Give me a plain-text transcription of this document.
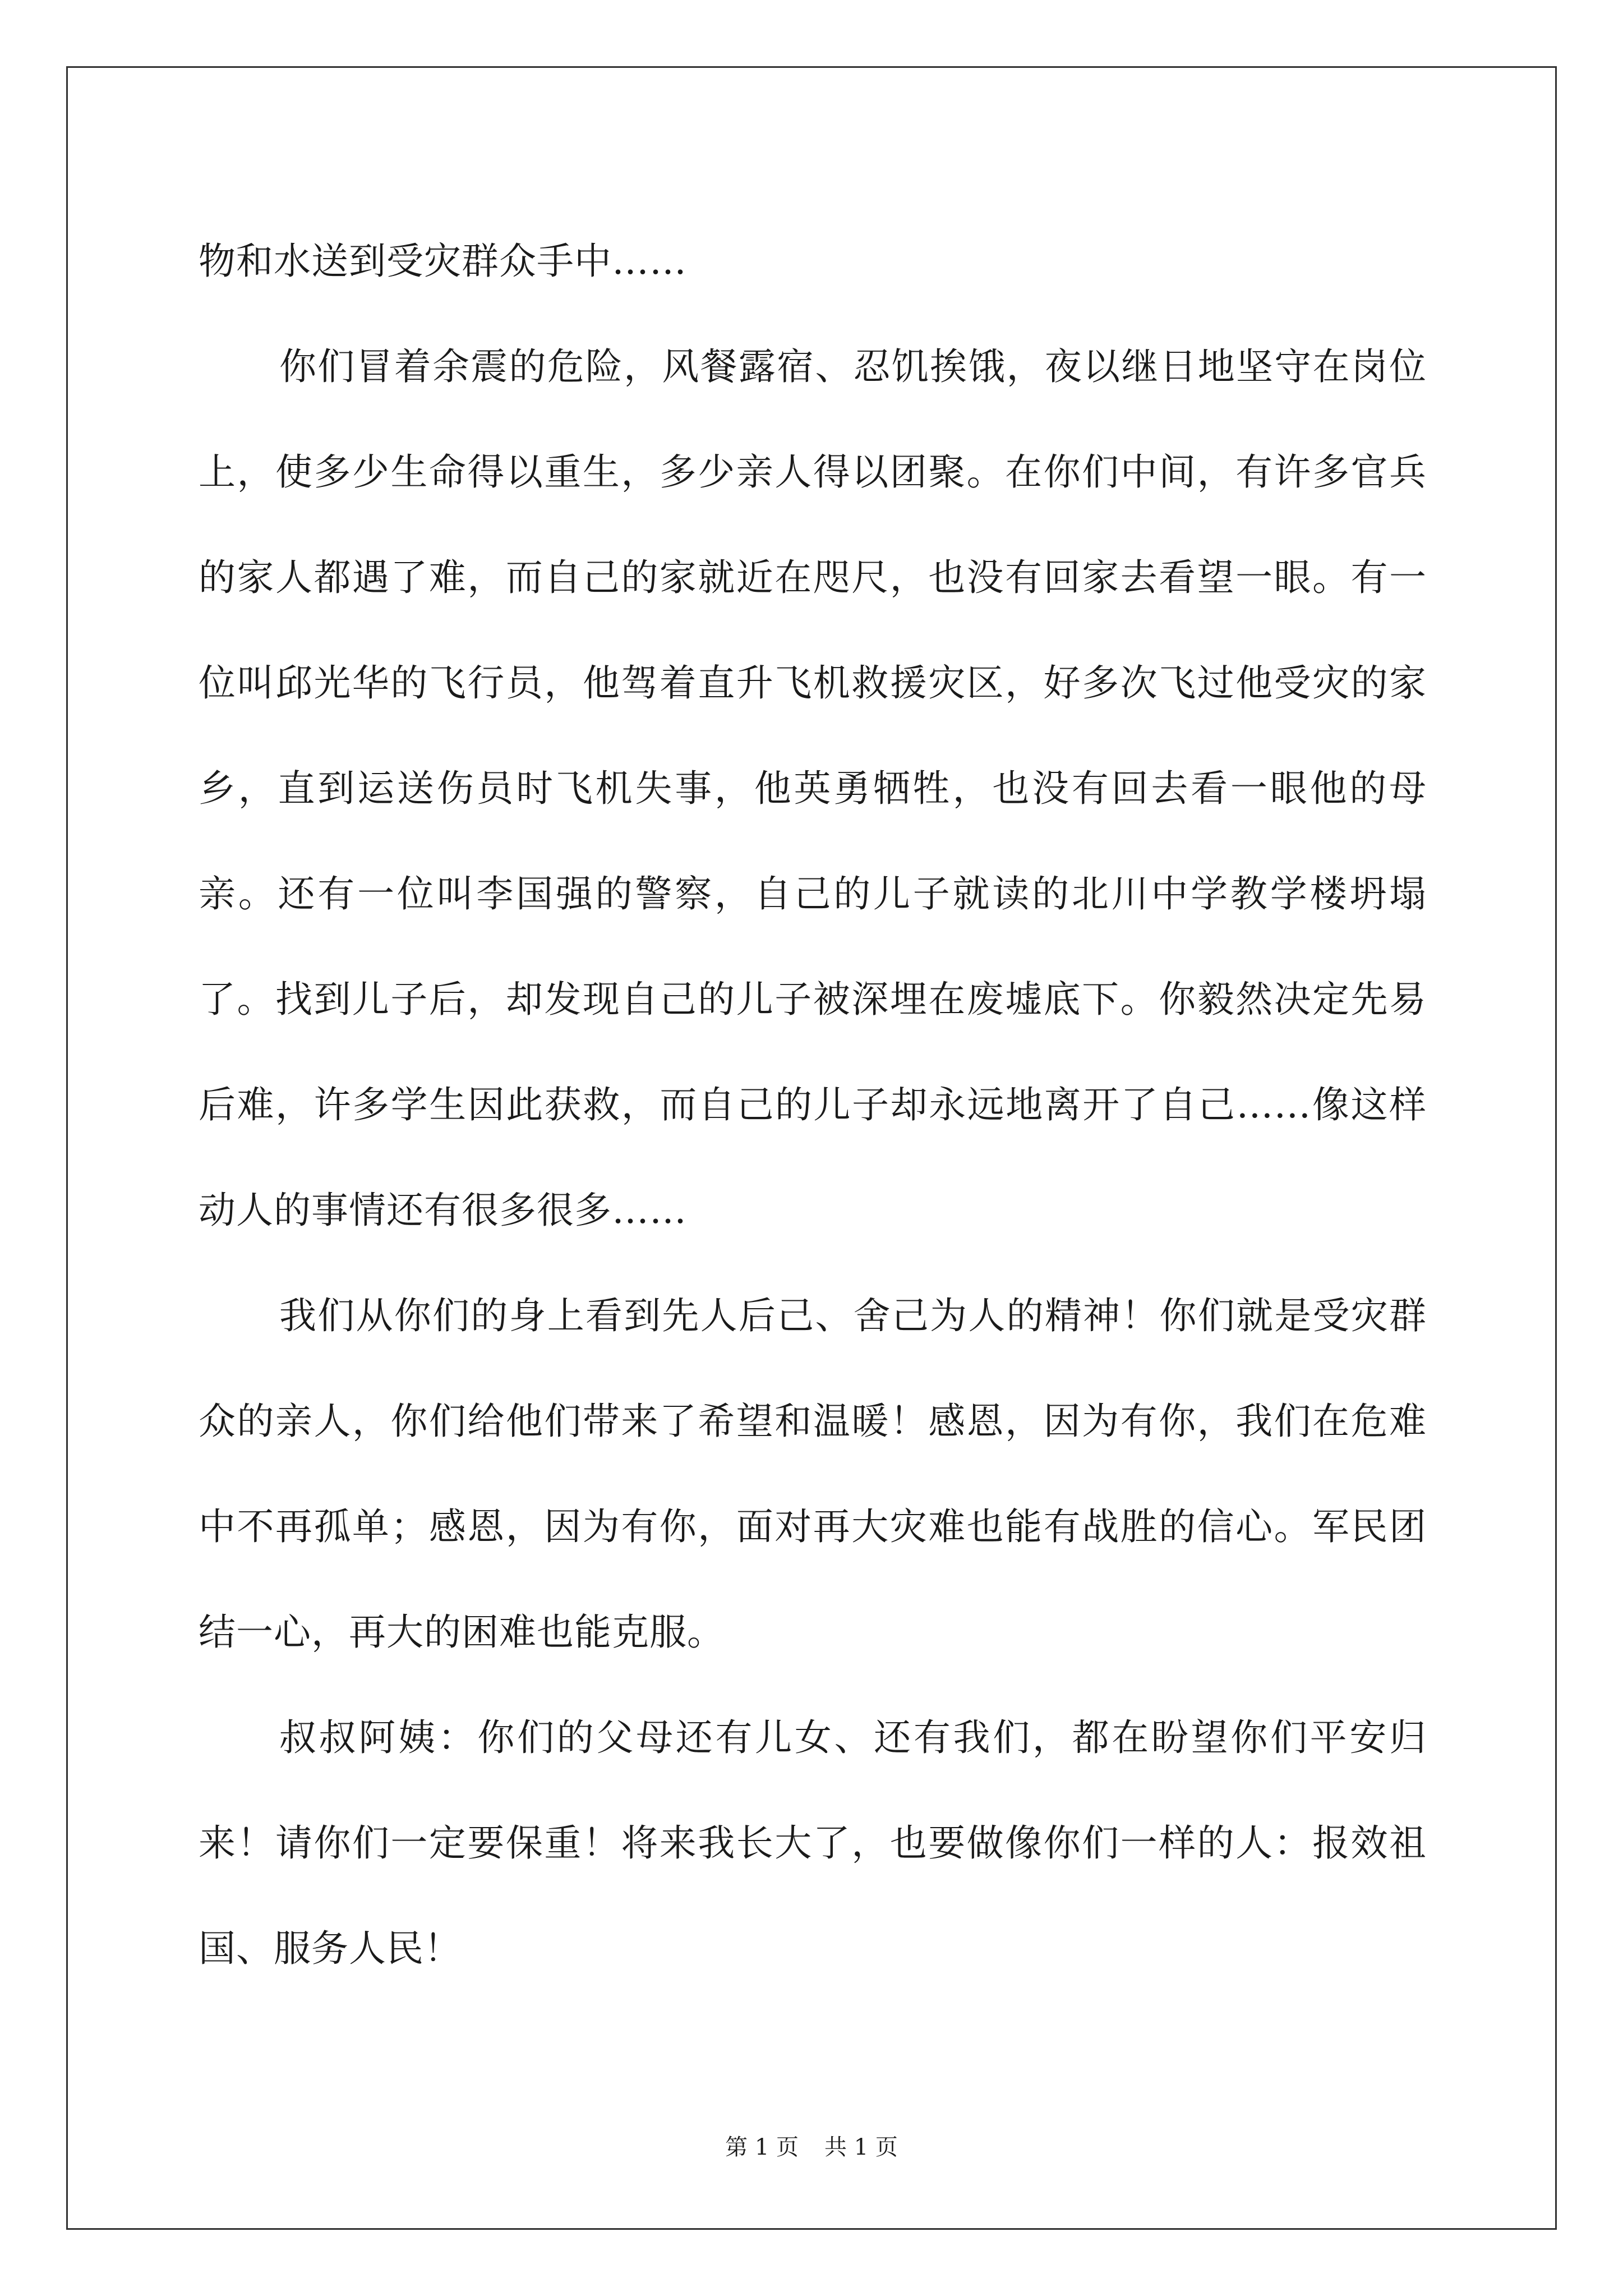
物和水送到受灾群众手中……

你们冒着余震的危险，风餐露宿、忍饥挨饿，夜以继日地坚守在岗位上，使多少生命得以重生，多少亲人得以团聚。在你们中间，有许多官兵的家人都遇了难，而自己的家就近在咫尺，也没有回家去看望一眼。有一位叫邱光华的飞行员，他驾着直升飞机救援灾区，好多次飞过他受灾的家乡，直到运送伤员时飞机失事，他英勇牺牲，也没有回去看一眼他的母亲。还有一位叫李国强的警察，自己的儿子就读的北川中学教学楼坍塌了。找到儿子后，却发现自己的儿子被深埋在废墟底下。你毅然决定先易后难，许多学生因此获救，而自己的儿子却永远地离开了自己……像这样动人的事情还有很多很多……

我们从你们的身上看到先人后己、舍己为人的精神！你们就是受灾群众的亲人，你们给他们带来了希望和温暖！感恩，因为有你，我们在危难中不再孤单；感恩，因为有你，面对再大灾难也能有战胜的信心。军民团结一心，再大的困难也能克服。

叔叔阿姨：你们的父母还有儿女、还有我们，都在盼望你们平安归来！请你们一定要保重！将来我长大了，也要做像你们一样的人：报效祖国、服务人民！

第 1 页 共 1 页
